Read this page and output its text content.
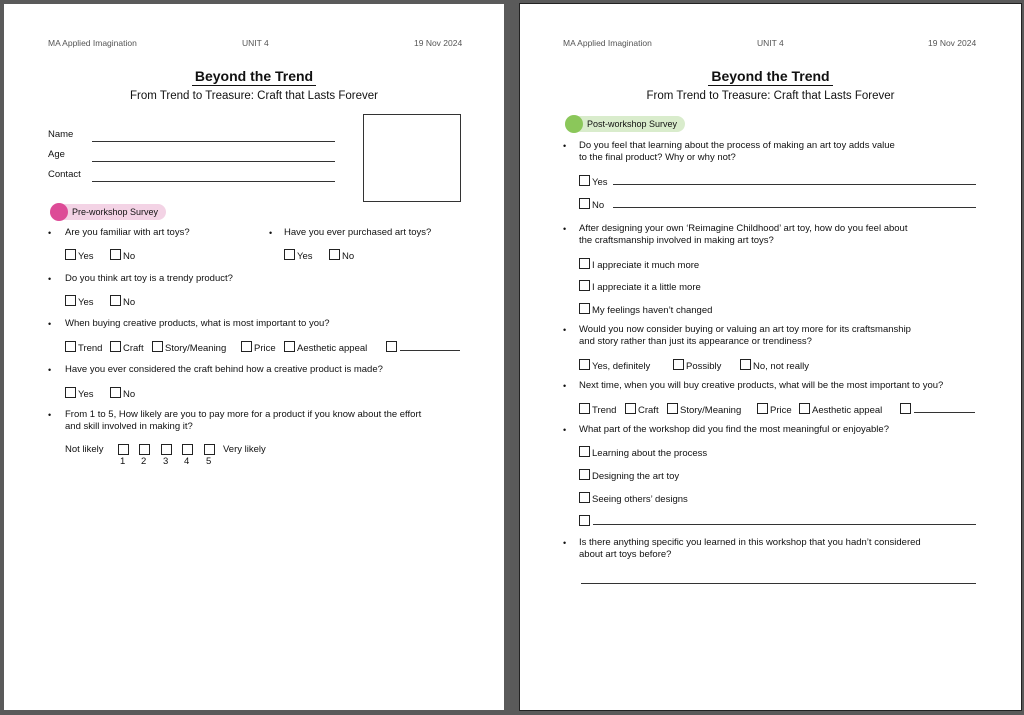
MA Applied Imagination	UNIT 4	19 Nov 2024
Beyond the Trend
From Trend to Treasure: Craft that Lasts Forever
Name
Age
Contact
Pre-workshop Survey
• Are you familiar with art toys?
Yes	No
• Have you ever purchased art toys?
Yes	No
• Do you think art toy is a trendy product?
Yes	No
• When buying creative products, what is most important to you?
Trend	Craft	Story/Meaning	Price	Aesthetic appeal
• Have you ever considered the craft behind how a creative product is made?
Yes	No
• From 1 to 5, How likely are you to pay more for a product if you know about the effort
and skill involved in making it?
Not likely
1 2 3 4 5
Very likely
MA Applied Imagination	UNIT 4	19 Nov 2024
Beyond the Trend
From Trend to Treasure: Craft that Lasts Forever
Post-workshop Survey
• Do you feel that learning about the process of making an art toy adds value
to the final product? Why or why not?
Yes
No
• After designing your own ‘Reimagine Childhood’ art toy, how do you feel about
the craftsmanship involved in making art toys?
I appreciate it much more
I appreciate it a little more
My feelings haven’t changed
• Would you now consider buying or valuing an art toy more for its craftsmanship
and story rather than just its appearance or trendiness?
Yes, definitely	Possibly	No, not really
• Next time, when you will buy creative products, what will be the most important to you?
Trend	Craft	Story/Meaning	Price	Aesthetic appeal
• What part of the workshop did you find the most meaningful or enjoyable?
Learning about the process
Designing the art toy
Seeing others’ designs
• Is there anything specific you learned in this workshop that you hadn’t considered
about art toys before?
